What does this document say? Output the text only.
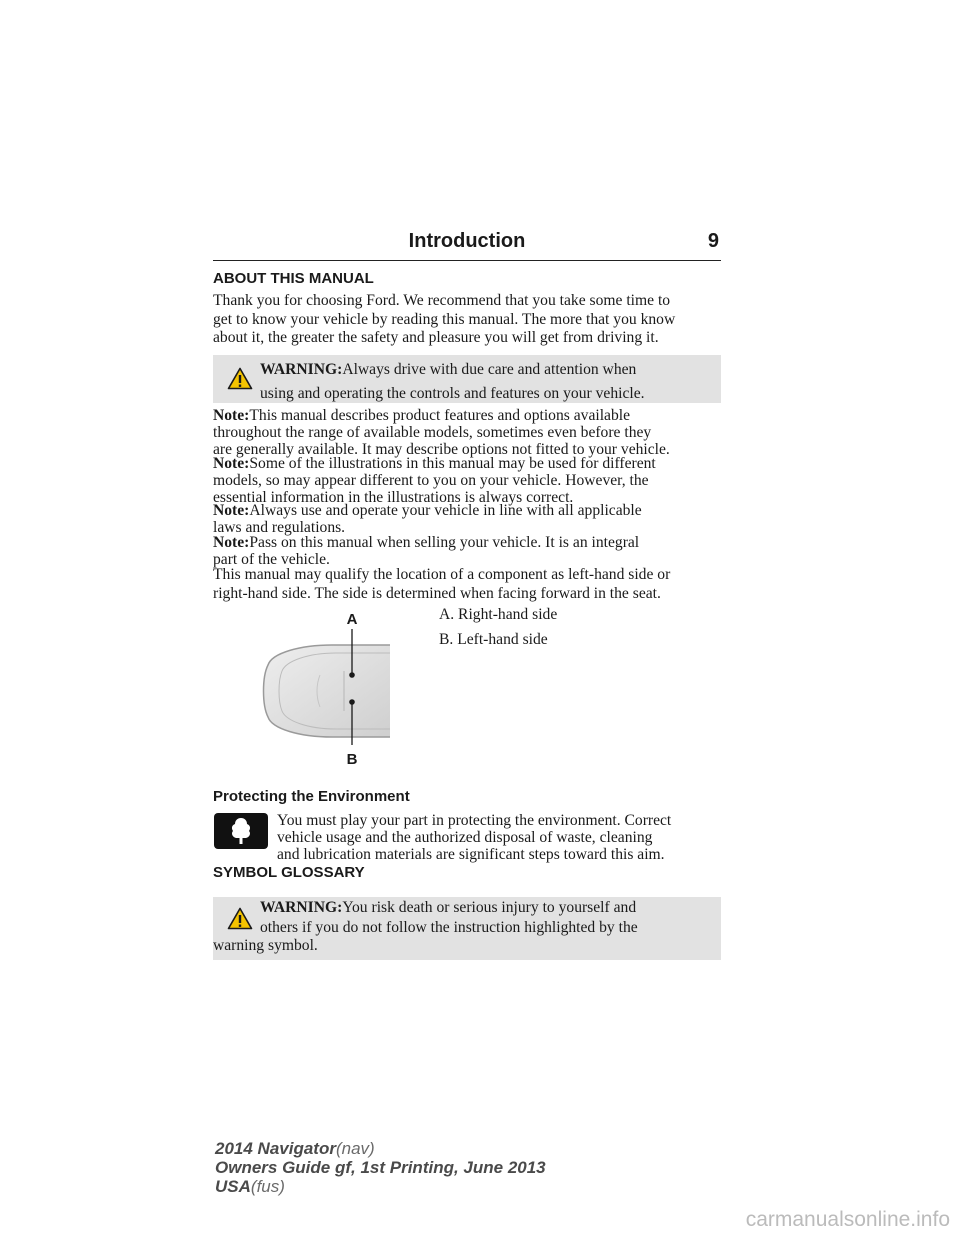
Introduction	9
ABOUT THIS MANUAL
Thank you for choosing Ford. We recommend that you take some time to
get to know your vehicle by reading this manual. The more that you know
about it, the greater the safety and pleasure you will get from driving it.
WARNING:Always drive with due care and attention when
using and operating the controls and features on your vehicle.
Note:This manual describes product features and options available
throughout the range of available models, sometimes even before they
are generally available. It may describe options not fitted to your vehicle.
Note:Some of the illustrations in this manual may be used for different
models, so may appear different to you on your vehicle. However, the
essential information in the illustrations is always correct.
Note:Always use and operate your vehicle in line with all applicable
laws and regulations.
Note:Pass on this manual when selling your vehicle. It is an integral
part of the vehicle.
This manual may qualify the location of a component as left-hand side or
right-hand side. The side is determined when facing forward in the seat.
A
B
A. Right-hand side
B. Left-hand side
Protecting the Environment
You must play your part in protecting the environment. Correct
vehicle usage and the authorized disposal of waste, cleaning
and lubrication materials are significant steps toward this aim.
SYMBOL GLOSSARY
WARNING:You risk death or serious injury to yourself and
others if you do not follow the instruction highlighted by the
warning symbol.
2014 Navigator(nav)
Owners Guide gf, 1st Printing, June 2013
USA(fus)
carmanualsonline.info
